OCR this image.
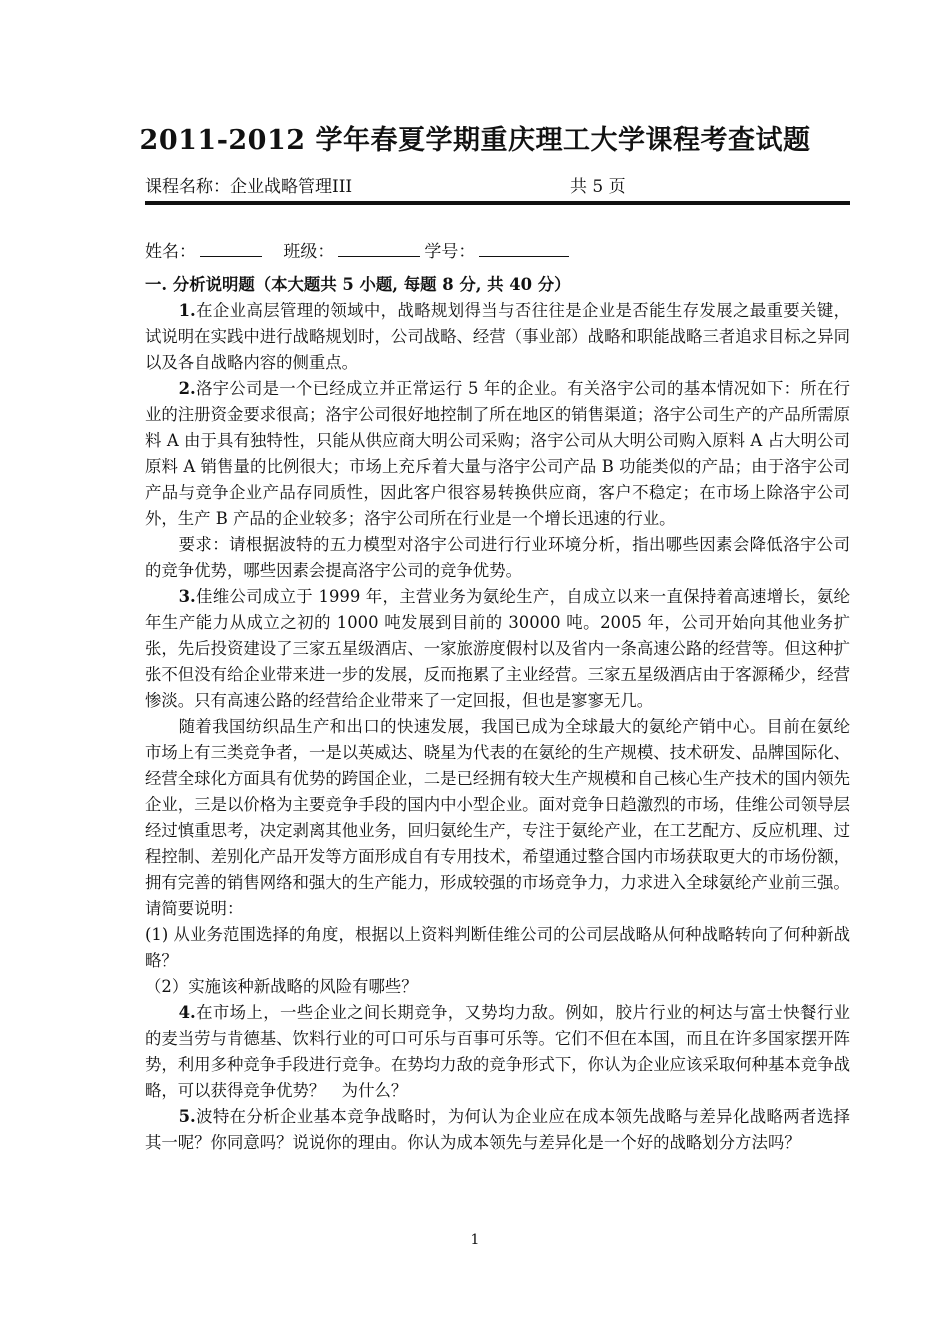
2011-2012 学年春夏学期重庆理工大学课程考查试题
课程名称：企业战略管理III	共 5 页
姓名：	班级：	学号：

一. 分析说明题（本大题共 5 小题, 每题 8 分, 共 40 分）

1.在企业高层管理的领域中，战略规划得当与否往往是企业是否能生存发展之最重要关键，试说明在实践中进行战略规划时，公司战略、经营（事业部）战略和职能战略三者追求目标之异同以及各自战略内容的侧重点。

2.洛宇公司是一个已经成立并正常运行 5 年的企业。有关洛宇公司的基本情况如下：所在行业的注册资金要求很高；洛宇公司很好地控制了所在地区的销售渠道；洛宇公司生产的产品所需原料 A 由于具有独特性，只能从供应商大明公司采购；洛宇公司从大明公司购入原料 A 占大明公司原料 A 销售量的比例很大；市场上充斥着大量与洛宇公司产品 B 功能类似的产品；由于洛宇公司产品与竞争企业产品存同质性，因此客户很容易转换供应商，客户不稳定；在市场上除洛宇公司外，生产 B 产品的企业较多；洛宇公司所在行业是一个增长迅速的行业。

要求：请根据波特的五力模型对洛宇公司进行行业环境分析，指出哪些因素会降低洛宇公司的竞争优势，哪些因素会提高洛宇公司的竞争优势。

3.佳维公司成立于 1999 年，主营业务为氨纶生产，自成立以来一直保持着高速增长，氨纶年生产能力从成立之初的 1000 吨发展到目前的 30000 吨。2005 年，公司开始向其他业务扩张，先后投资建设了三家五星级酒店、一家旅游度假村以及省内一条高速公路的经营等。但这种扩张不但没有给企业带来进一步的发展，反而拖累了主业经营。三家五星级酒店由于客源稀少，经营惨淡。只有高速公路的经营给企业带来了一定回报，但也是寥寥无几。

随着我国纺织品生产和出口的快速发展，我国已成为全球最大的氨纶产销中心。目前在氨纶市场上有三类竞争者，一是以英威达、晓星为代表的在氨纶的生产规模、技术研发、品牌国际化、经营全球化方面具有优势的跨国企业，二是已经拥有较大生产规模和自己核心生产技术的国内领先企业，三是以价格为主要竞争手段的国内中小型企业。面对竞争日趋激烈的市场，佳维公司领导层经过慎重思考，决定剥离其他业务，回归氨纶生产，专注于氨纶产业，在工艺配方、反应机理、过程控制、差别化产品开发等方面形成自有专用技术，希望通过整合国内市场获取更大的市场份额，拥有完善的销售网络和强大的生产能力，形成较强的市场竞争力，力求进入全球氨纶产业前三强。

请简要说明：

(1) 从业务范围选择的角度，根据以上资料判断佳维公司的公司层战略从何种战略转向了何种新战略？

（2）实施该种新战略的风险有哪些？

4.在市场上，一些企业之间长期竞争，又势均力敌。例如，胶片行业的柯达与富士快餐行业的麦当劳与肯德基、饮料行业的可口可乐与百事可乐等。它们不但在本国，而且在许多国家摆开阵势，利用多种竞争手段进行竞争。在势均力敌的竞争形式下，你认为企业应该采取何种基本竞争战略，可以获得竞争优势？　为什么？

5.波特在分析企业基本竞争战略时，为何认为企业应在成本领先战略与差异化战略两者选择其一呢？你同意吗？说说你的理由。你认为成本领先与差异化是一个好的战略划分方法吗？

1
